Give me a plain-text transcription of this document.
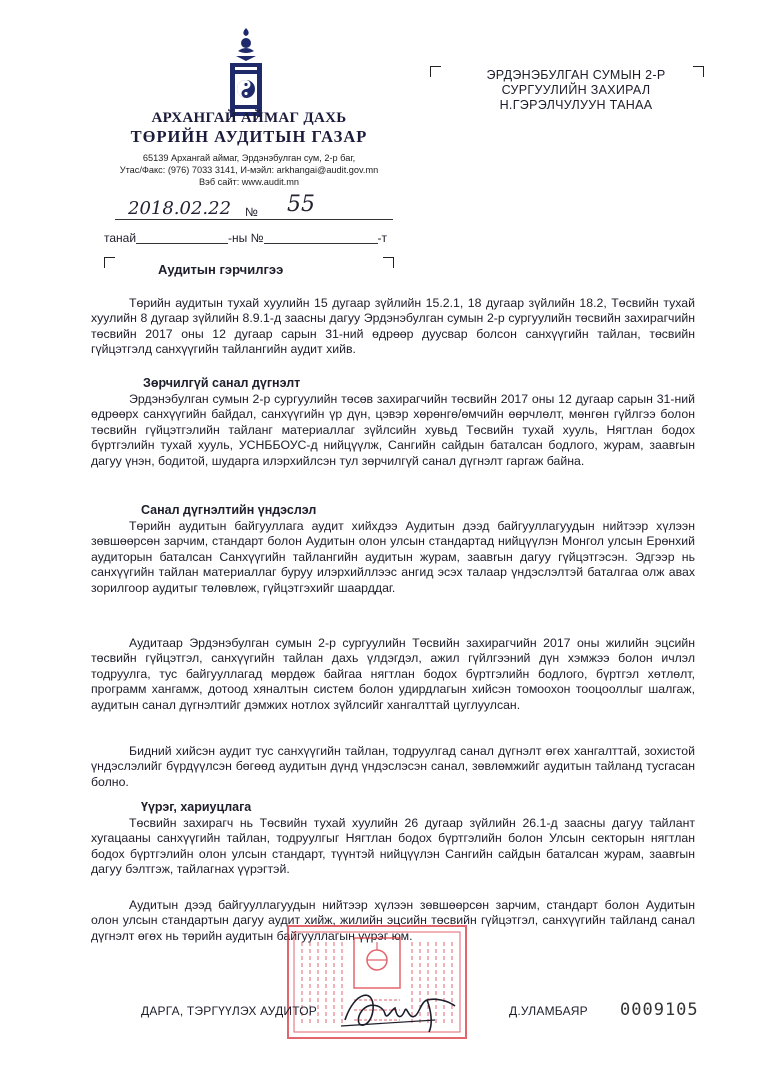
АРХАНГАЙ АЙМАГ ДАХЬ
ТӨРИЙН АУДИТЫН ГАЗАР
65139 Архангай аймаг, Эрдэнэбулган сум, 2-р баг,
Утас/Факс: (976) 7033 3141, И-мэйл: arkhangai@audit.gov.mn
Вэб сайт: www.audit.mn
2018.02.22 № 55
танай	-ны №	-т
ЭРДЭНЭБУЛГАН СУМЫН 2-Р
СУРГУУЛИЙН ЗАХИРАЛ
Н.ГЭРЭЛЧУЛУУН ТАНАА
Аудитын гэрчилгээ
Төрийн аудитын тухай хуулийн 15 дугаар зүйлийн 15.2.1, 18 дугаар зүйлийн 18.2, Төсвийн тухай хуулийн 8 дугаар зүйлийн 8.9.1-д заасны дагуу Эрдэнэбулган сумын 2-р сургуулийн төсвийн захирагчийн төсвийн 2017 оны 12 дугаар сарын 31-ний өдрөөр дуусвар болсон санхүүгийн тайлан, төсвийн гүйцэтгэлд санхүүгийн тайлангийн аудит хийв.
Зөрчилгүй санал дүгнэлт
Эрдэнэбулган сумын 2-р сургуулийн төсөв захирагчийн төсвийн 2017 оны 12 дугаар сарын 31-ний өдрөөрх санхүүгийн байдал, санхүүгийн үр дүн, цэвэр хөрөнгө/өмчийн өөрчлөлт, мөнгөн гүйлгээ болон төсвийн гүйцэтгэлийн тайланг материаллаг зүйлсийн хувьд Төсвийн тухай хууль, Нягтлан бодох бүртгэлийн тухай хууль, УСНББОУС-д нийцүүлж, Сангийн сайдын баталсан бодлого, журам, заавrын дагуу үнэн, бодитой, шударга илэрхийлсэн тул зөрчилгүй санал дүгнэлт гаргаж байна.
Санал дүгнэлтийн үндэслэл
Төрийн аудитын байгууллага аудит хийхдээ Аудитын дээд байгууллагуудын нийтээр хүлээн зөвшөөрсөн зарчим, стандарт болон Аудитын олон улсын стандартад нийцүүлэн Монгол улсын Ерөнхий аудиторын баталсан Санхүүгийн тайлангийн аудитын журам, заавrын дагуу гүйцэтгэсэн. Эдгээр нь санхүүгийн тайлан материаллаг буруу илэрхийллээс ангид эсэх талаар үндэслэлтэй баталгаа олж авах зорилгоор аудитыг төлөвлөж, гүйцэтгэхийг шаарддаг.
Аудитаар Эрдэнэбулган сумын 2-р сургуулийн Төсвийн захирагчийн 2017 оны жилийн эцсийн төсвийн гүйцэтгэл, санхүүгийн тайлан дахь үлдэгдэл, ажил гүйлгээний дүн хэмжээ болон ичлэл тодруулга, тус байгууллагад мөрдөж байгаа нягтлан бодох бүртгэлийн бодлого, бүртгэл хөтлөлт, программ хангамж, дотоод хяналтын систем болон удирдлагын хийсэн томоохон тооцооллыг шалгаж, аудитын санал дүгнэлтийг дэмжих нотлох зүйлсийг хангалттай цуглуулсан.
Бидний хийсэн аудит тус санхүүгийн тайлан, тодруулгад санал дүгнэлт өгөх хангалттай, зохистой үндэслэлийг бүрдүүлсэн бөгөөд аудитын дүнд үндэслэсэн санал, зөвлөмжийг аудитын тайланд тусгасан болно.
Үүрэг, хариуцлага
Төсвийн захирагч нь Төсвийн тухай хуулийн 26 дугаар зүйлийн 26.1-д заасны дагуу тайлант хугацааны санхүүгийн тайлан, тодруулгыг Нягтлан бодох бүртгэлийн болон Улсын секторын нягтлан бодох бүртгэлийн олон улсын стандарт, түүнтэй нийцүүлэн Сангийн сайдын баталсан журам, заавrын дагуу бэлтгэж, тайлагнах үүрэгтэй.
Аудитын дээд байгууллагуудын нийтээр хүлээн зөвшөөрсөн зарчим, стандарт болон Аудитын олон улсын стандартын дагуу аудит хийж, жилийн эцсийн төсвийн гүйцэтгэл, санхүүгийн тайланд санал дүгнэлт өгөх нь төрийн аудитын байгууллагын үүрэг юм.
ДАРГА, ТЭРГҮҮЛЭХ АУДИТОР	Д.УЛАМБАЯР 0009105
